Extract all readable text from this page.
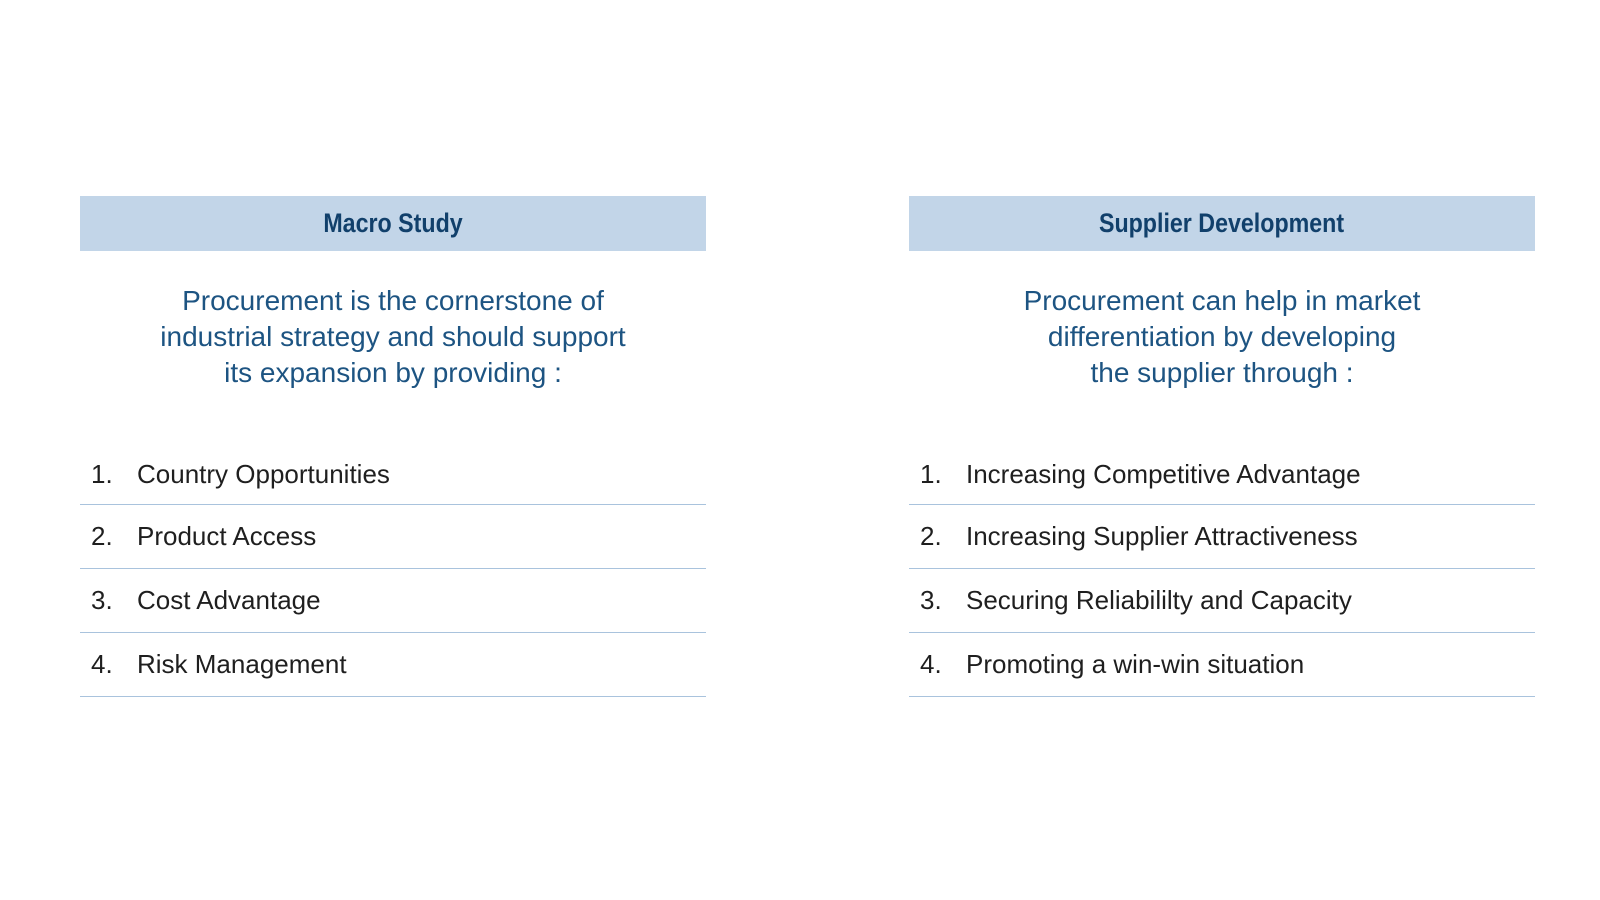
Macro Study
Procurement is the cornerstone of
industrial strategy and should support
its expansion by providing :
1. Country Opportunities
2. Product Access
3. Cost Advantage
4. Risk Management
Supplier Development
Procurement can help in market
differentiation by developing
the supplier through :
1. Increasing Competitive Advantage
2. Increasing Supplier Attractiveness
3. Securing Reliabililty and Capacity
4. Promoting a win-win situation
